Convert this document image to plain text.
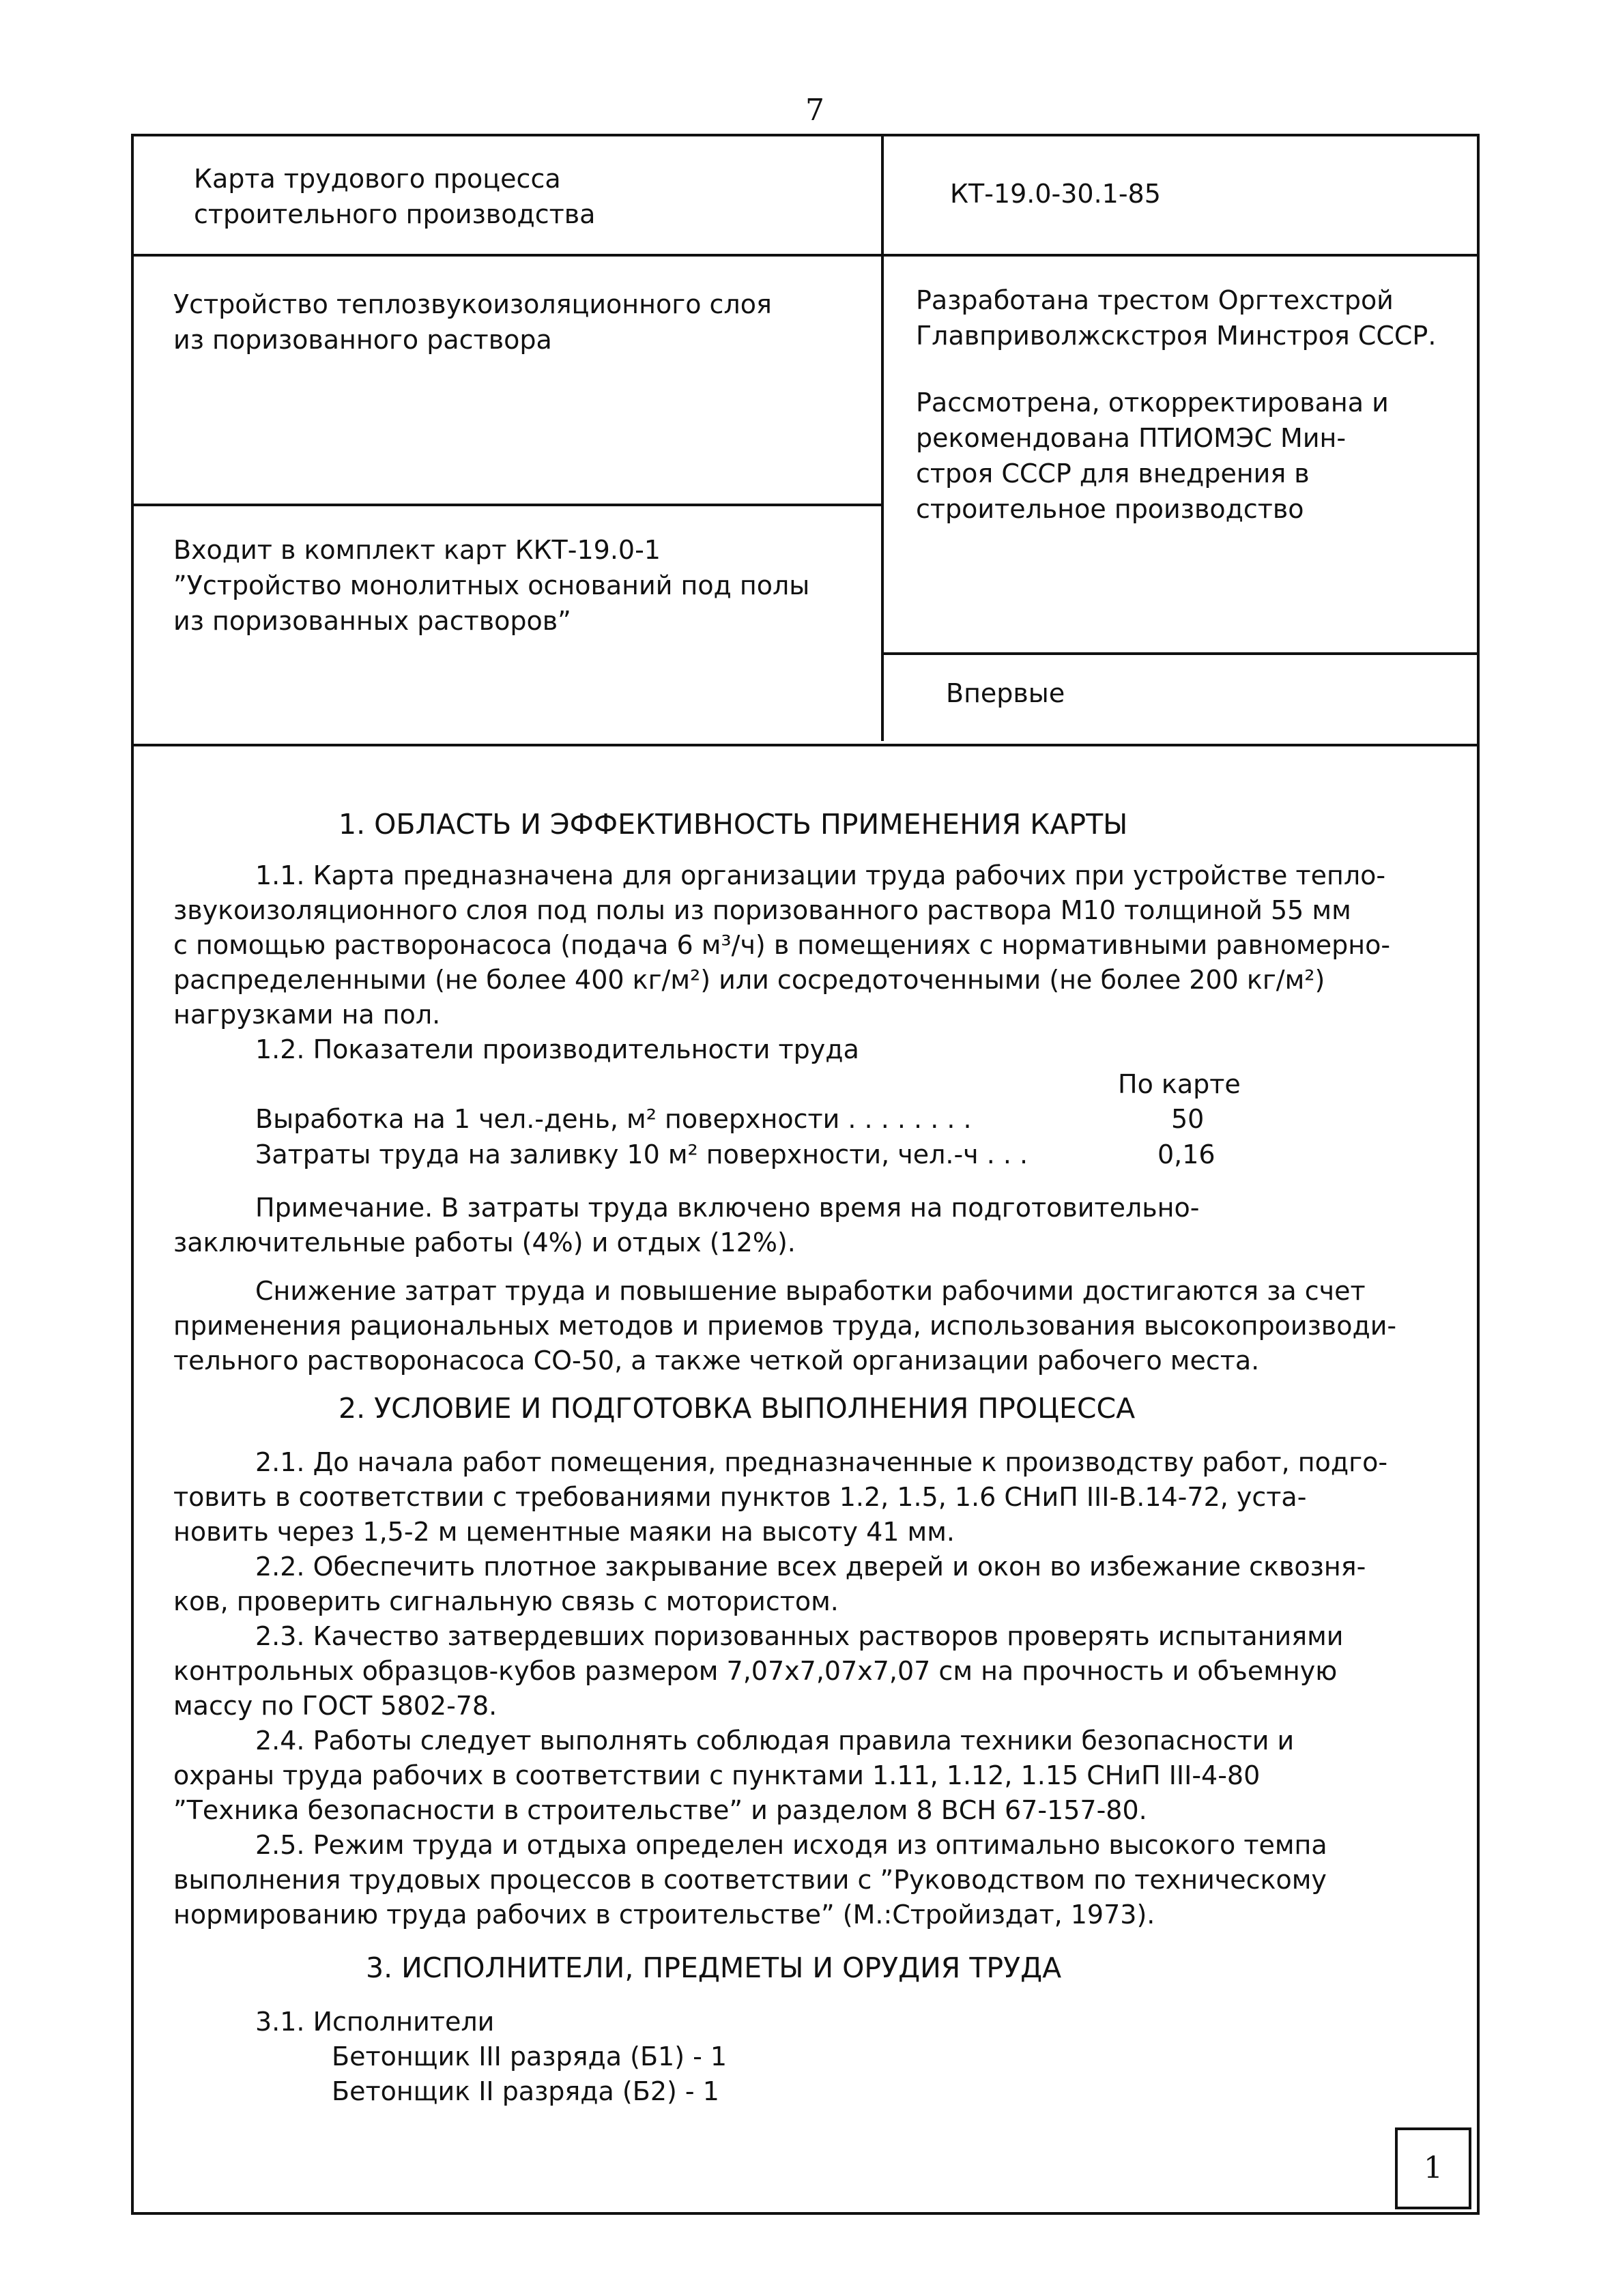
7
Карта трудового процесса
строительного производства
КТ-19.0-30.1-85
Устройство теплозвукоизоляционного слоя
из поризованного раствора
Разработана трестом Оргтехстрой
Главприволжскстроя Минстроя СССР.
Рассмотрена, откорректирована и
рекомендована ПТИОМЭС Мин-
строя СССР для внедрения в
строительное производство
Входит в комплект карт ККТ-19.0-1
”Устройство монолитных оснований под полы
из поризованных растворов”
Впервые
1. ОБЛАСТЬ И ЭФФЕКТИВНОСТЬ ПРИМЕНЕНИЯ КАРТЫ
1.1. Карта предназначена для организации труда рабочих при устройстве тепло-
звукоизоляционного слоя под полы из поризованного раствора М10 толщиной 55 мм
с помощью растворонасоса (подача 6 м³/ч) в помещениях с нормативными равномерно-
распределенными (не более 400 кг/м²) или сосредоточенными (не более 200 кг/м²)
нагрузками на пол.
1.2. Показатели производительности труда
По карте
Выработка на 1 чел.-день, м² поверхности . . . . . . . .	50
Затраты труда на заливку 10 м² поверхности, чел.-ч . . .	0,16
Примечание. В затраты труда включено время на подготовительно-
заключительные работы (4%) и отдых (12%).
Снижение затрат труда и повышение выработки рабочими достигаются за счет
применения рациональных методов и приемов труда, использования высокопроизводи-
тельного растворонасоса СО-50, а также четкой организации рабочего места.
2. УСЛОВИЕ И ПОДГОТОВКА ВЫПОЛНЕНИЯ ПРОЦЕССА
2.1. До начала работ помещения, предназначенные к производству работ, подго-
товить в соответствии с требованиями пунктов 1.2, 1.5, 1.6 СНиП III-В.14-72, уста-
новить через 1,5-2 м цементные маяки на высоту 41 мм.
2.2. Обеспечить плотное закрывание всех дверей и окон во избежание сквозня-
ков, проверить сигнальную связь с мотористом.
2.3. Качество затвердевших поризованных растворов проверять испытаниями
контрольных образцов-кубов размером 7,07х7,07х7,07 см на прочность и объемную
массу по ГОСТ 5802-78.
2.4. Работы следует выполнять соблюдая правила техники безопасности и
охраны труда рабочих в соответствии с пунктами 1.11, 1.12, 1.15 СНиП III-4-80
”Техника безопасности в строительстве” и разделом 8 ВСН 67-157-80.
2.5. Режим труда и отдыха определен исходя из оптимально высокого темпа
выполнения трудовых процессов в соответствии с ”Руководством по техническому
нормированию труда рабочих в строительстве” (М.:Стройиздат, 1973).
3. ИСПОЛНИТЕЛИ, ПРЕДМЕТЫ И ОРУДИЯ ТРУДА
3.1. Исполнители
Бетонщик III разряда (Б1) - 1
Бетонщик II разряда (Б2) - 1
1
